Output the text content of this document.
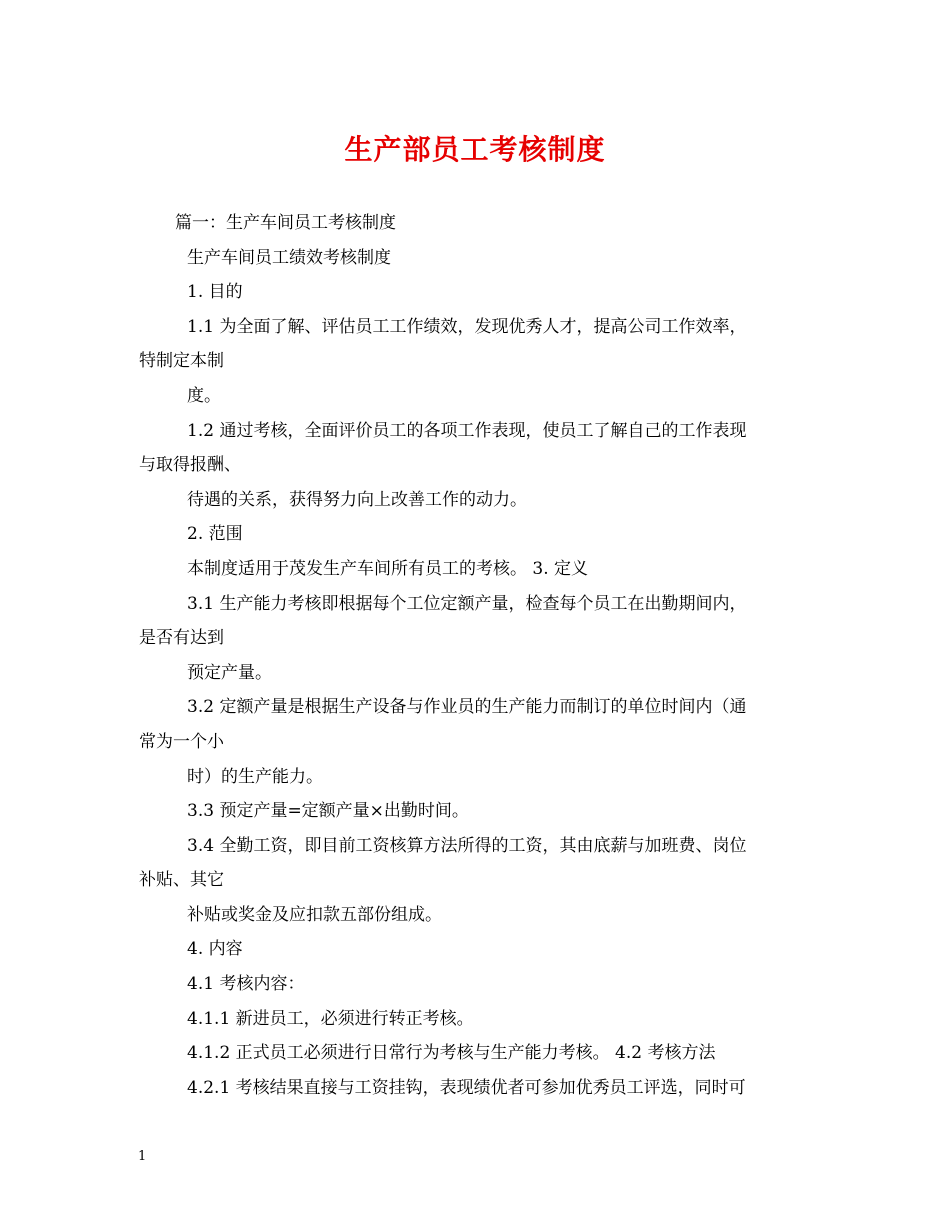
生产部员工考核制度
篇一：生产车间员工考核制度
生产车间员工绩效考核制度
1. 目的
1.1 为全面了解、评估员工工作绩效，发现优秀人才，提高公司工作效率，
特制定本制
度。
1.2 通过考核，全面评价员工的各项工作表现，使员工了解自己的工作表现
与取得报酬、
待遇的关系，获得努力向上改善工作的动力。
2. 范围
本制度适用于茂发生产车间所有员工的考核。 3. 定义
3.1 生产能力考核即根据每个工位定额产量，检查每个员工在出勤期间内，
是否有达到
预定产量。
3.2 定额产量是根据生产设备与作业员的生产能力而制订的单位时间内（通
常为一个小
时）的生产能力。
3.3 预定产量=定额产量×出勤时间。
3.4 全勤工资，即目前工资核算方法所得的工资，其由底薪与加班费、岗位
补贴、其它
补贴或奖金及应扣款五部份组成。
4. 内容
4.1 考核内容：
4.1.1 新进员工，必须进行转正考核。
4.1.2 正式员工必须进行日常行为考核与生产能力考核。 4.2 考核方法
4.2.1 考核结果直接与工资挂钩，表现绩优者可参加优秀员工评选，同时可
1
